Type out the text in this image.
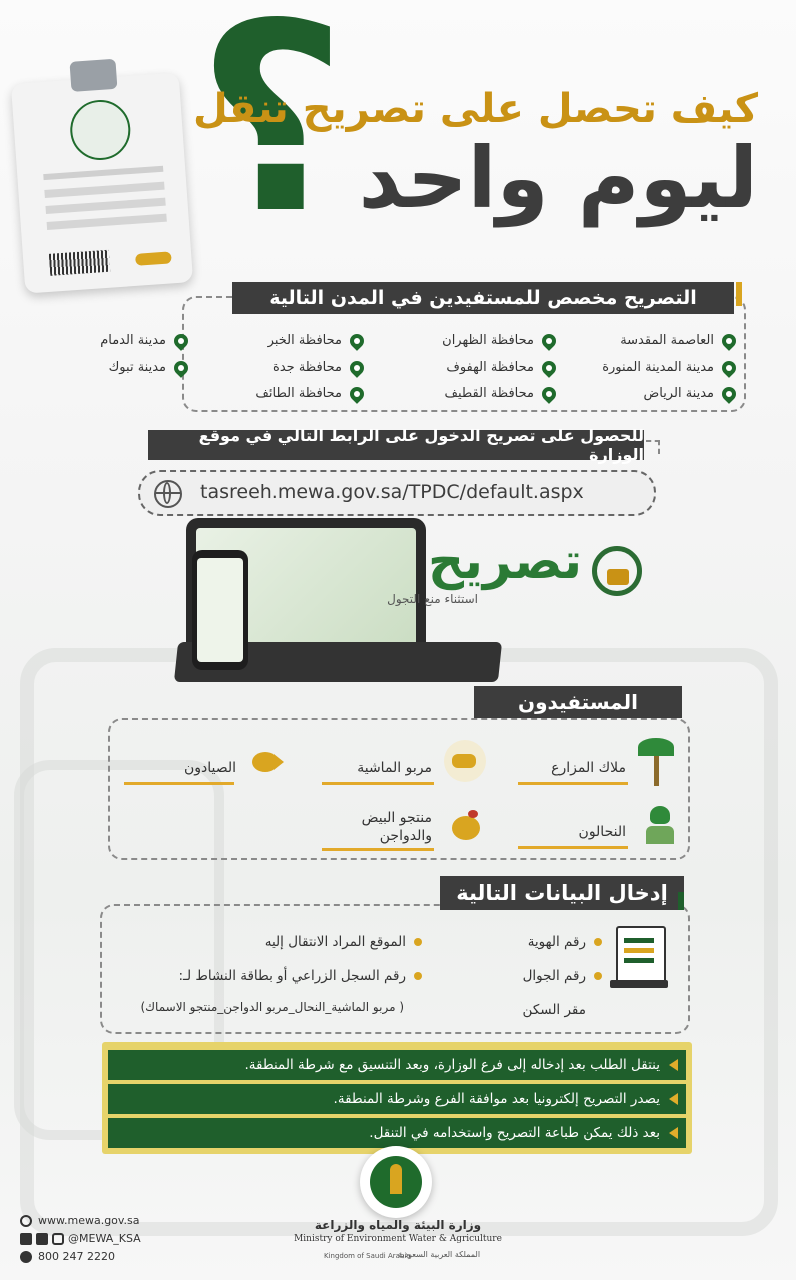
؟
كيف تحصل على تصريح تنقل
ليوم واحد
التصريح مخصص للمستفيدين في المدن التالية
العاصمة المقدسة
محافظة الظهران
محافظة الخبر
مدينة الدمام
مدينة المدينة المنورة
محافظة الهفوف
محافظة جدة
مدينة تبوك
مدينة الرياض
محافظة القطيف
محافظة الطائف
للحصول على تصريح الدخول على الرابط التالي في موقع الوزارة
tasreeh.mewa.gov.sa/TPDC/default.aspx
تصريح
استثناء منع التجول
المستفيدون
ملاك المزارع
مربو الماشية
الصيادون
النحالون
منتجو البيض والدواجن
إدخال البيانات التالية
رقم الهوية
رقم الجوال
مقر السكن
الموقع المراد الانتقال إليه
رقم السجل الزراعي أو بطاقة النشاط لـ:
( مربو الماشية_النحال_مربو الدواجن_منتجو الاسماك)
ينتقل الطلب بعد إدخاله إلى فرع الوزارة، وبعد التنسيق مع شرطة المنطقة.
يصدر التصريح إلكترونيا بعد موافقة الفرع وشرطة المنطقة.
بعد ذلك يمكن طباعة التصريح واستخدامه في التنقل.
وزارة البيئة والمياه والزراعة
Ministry of Environment Water & Agriculture
Kingdom of Saudi Arabia
المملكة العربية السعودية
www.mewa.gov.sa
@MEWA_KSA
800 247 2220
